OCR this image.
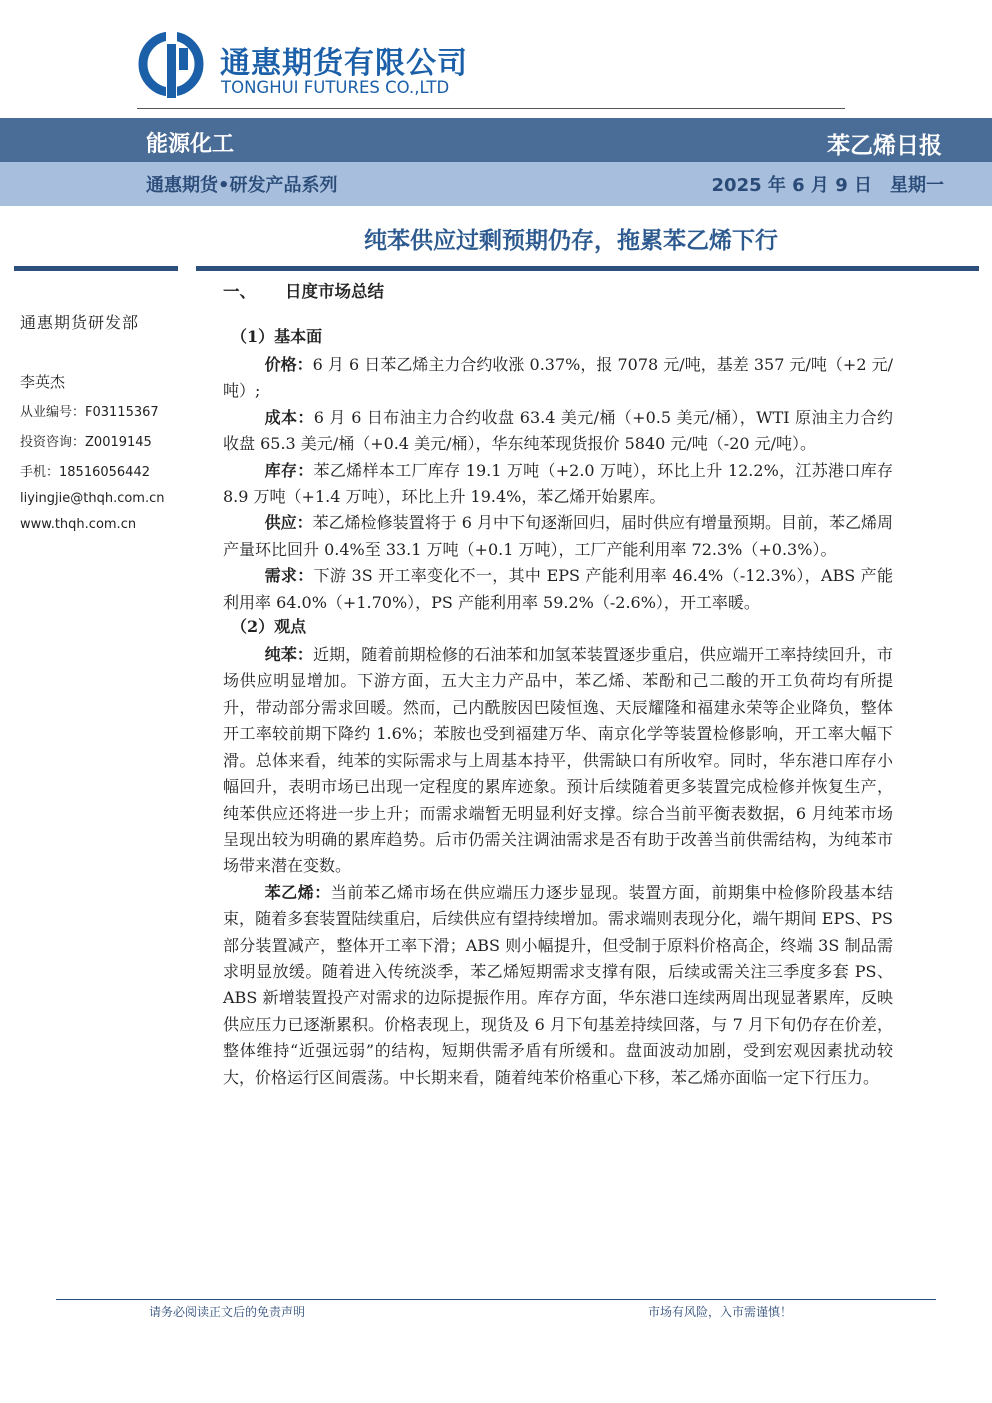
通惠期货有限公司
TONGHUI FUTURES CO.,LTD
能源化工	苯乙烯日报
通惠期货•研发产品系列	2025 年 6 月 9 日　星期一
纯苯供应过剩预期仍存，拖累苯乙烯下行
通惠期货研发部
李英杰
从业编号：F03115367
投资咨询：Z0019145
手机：18516056442
liyingjie@thqh.com.cn
www.thqh.com.cn
一、 日度市场总结
（1）基本面

价格：6 月 6 日苯乙烯主力合约收涨 0.37%，报 7078 元/吨，基差 357 元/吨（+2 元/吨）;

成本：6 月 6 日布油主力合约收盘 63.4 美元/桶（+0.5 美元/桶），WTI 原油主力合约收盘 65.3 美元/桶（+0.4 美元/桶），华东纯苯现货报价 5840 元/吨（-20 元/吨）。

库存：苯乙烯样本工厂库存 19.1 万吨（+2.0 万吨），环比上升 12.2%，江苏港口库存 8.9 万吨（+1.4 万吨），环比上升 19.4%，苯乙烯开始累库。

供应：苯乙烯检修装置将于 6 月中下旬逐渐回归，届时供应有增量预期。目前，苯乙烯周产量环比回升 0.4%至 33.1 万吨（+0.1 万吨），工厂产能利用率 72.3%（+0.3%）。

需求：下游 3S 开工率变化不一，其中 EPS 产能利用率 46.4%（-12.3%），ABS 产能利用率 64.0%（+1.70%），PS 产能利用率 59.2%（-2.6%），开工率暖。

（2）观点

纯苯：近期，随着前期检修的石油苯和加氢苯装置逐步重启，供应端开工率持续回升，市场供应明显增加。下游方面，五大主力产品中，苯乙烯、苯酚和己二酸的开工负荷均有所提升，带动部分需求回暖。然而，己内酰胺因巴陵恒逸、天辰耀隆和福建永荣等企业降负，整体开工率较前期下降约 1.6%；苯胺也受到福建万华、南京化学等装置检修影响，开工率大幅下滑。总体来看，纯苯的实际需求与上周基本持平，供需缺口有所收窄。同时，华东港口库存小幅回升，表明市场已出现一定程度的累库迹象。预计后续随着更多装置完成检修并恢复生产，纯苯供应还将进一步上升；而需求端暂无明显利好支撑。综合当前平衡表数据，6 月纯苯市场呈现出较为明确的累库趋势。后市仍需关注调油需求是否有助于改善当前供需结构，为纯苯市场带来潜在变数。

苯乙烯：当前苯乙烯市场在供应端压力逐步显现。装置方面，前期集中检修阶段基本结束，随着多套装置陆续重启，后续供应有望持续增加。需求端则表现分化，端午期间 EPS、PS 部分装置减产，整体开工率下滑；ABS 则小幅提升，但受制于原料价格高企，终端 3S 制品需求明显放缓。随着进入传统淡季，苯乙烯短期需求支撑有限，后续或需关注三季度多套 PS、ABS 新增装置投产对需求的边际提振作用。库存方面，华东港口连续两周出现显著累库，反映供应压力已逐渐累积。价格表现上，现货及 6 月下旬基差持续回落，与 7 月下旬仍存在价差，整体维持“近强远弱”的结构，短期供需矛盾有所缓和。盘面波动加剧，受到宏观因素扰动较大，价格运行区间震荡。中长期来看，随着纯苯价格重心下移，苯乙烯亦面临一定下行压力。

请务必阅读正文后的免责声明	市场有风险，入市需谨慎！
